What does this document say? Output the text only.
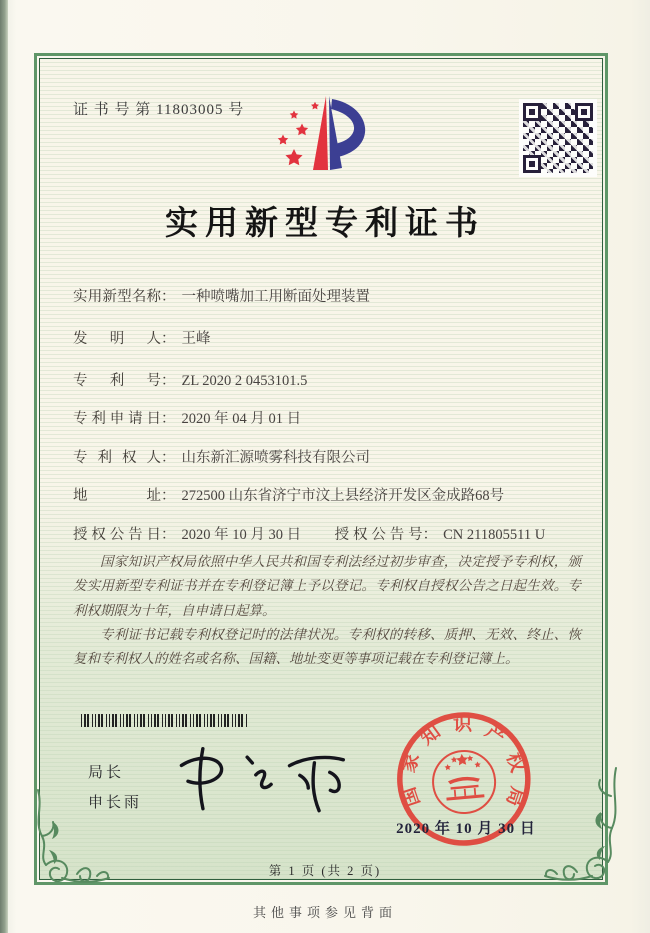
证 书 号 第 11803005 号
实用新型专利证书
实用新型名称： 一种喷嘴加工用断面处理装置
发明人： 王峰
专利号： ZL 2020 2 0453101.5
专利申请日： 2020 年 04 月 01 日
专利权人： 山东新汇源喷雾科技有限公司
地址： 272500 山东省济宁市汶上县经济开发区金成路68号
授权公告日： 2020 年 10 月 30 日 授权公告号： CN 211805511 U

国家知识产权局依照中华人民共和国专利法经过初步审查，决定授予专利权，颁发实用新型专利证书并在专利登记簿上予以登记。专利权自授权公告之日起生效。专利权期限为十年，自申请日起算。

专利证书记载专利权登记时的法律状况。专利权的转移、质押、无效、终止、恢复和专利权人的姓名或名称、国籍、地址变更等事项记载在专利登记簿上。

局长
申长雨	国家知识产权局
2020 年 10 月 30 日
第 1 页 (共 2 页)
其他事项参见背面
